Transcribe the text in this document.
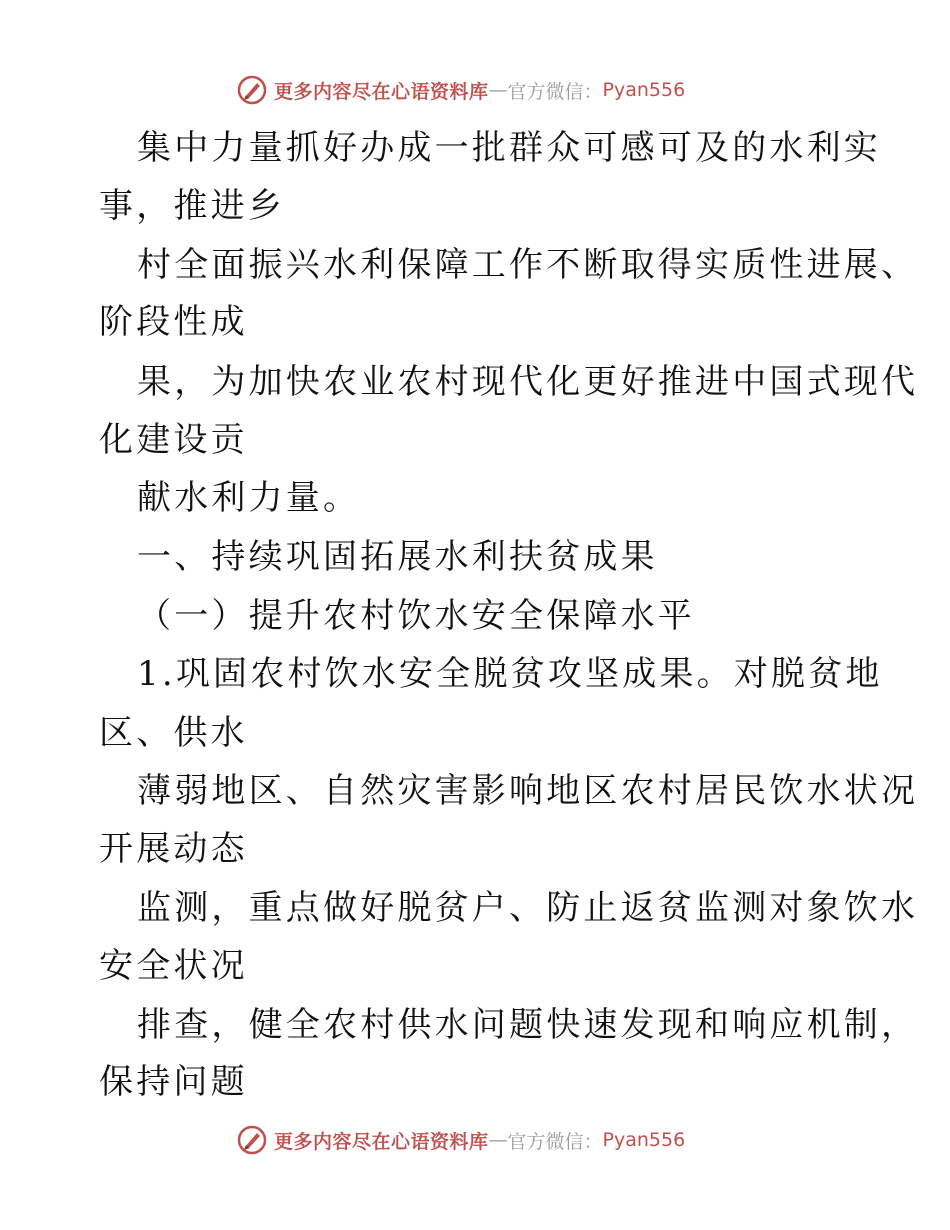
更多内容尽在心语资料库 — 官方微信： Pyan556
集中力量抓好办成一批群众可感可及的水利实
事，推进乡
村全面振兴水利保障工作不断取得实质性进展、
阶段性成
果，为加快农业农村现代化更好推进中国式现代
化建设贡
献水利力量。
一、持续巩固拓展水利扶贫成果
（一）提升农村饮水安全保障水平
1.巩固农村饮水安全脱贫攻坚成果。对脱贫地
区、供水
薄弱地区、自然灾害影响地区农村居民饮水状况
开展动态
监测，重点做好脱贫户、防止返贫监测对象饮水
安全状况
排查，健全农村供水问题快速发现和响应机制，
保持问题
更多内容尽在心语资料库 — 官方微信： Pyan556
